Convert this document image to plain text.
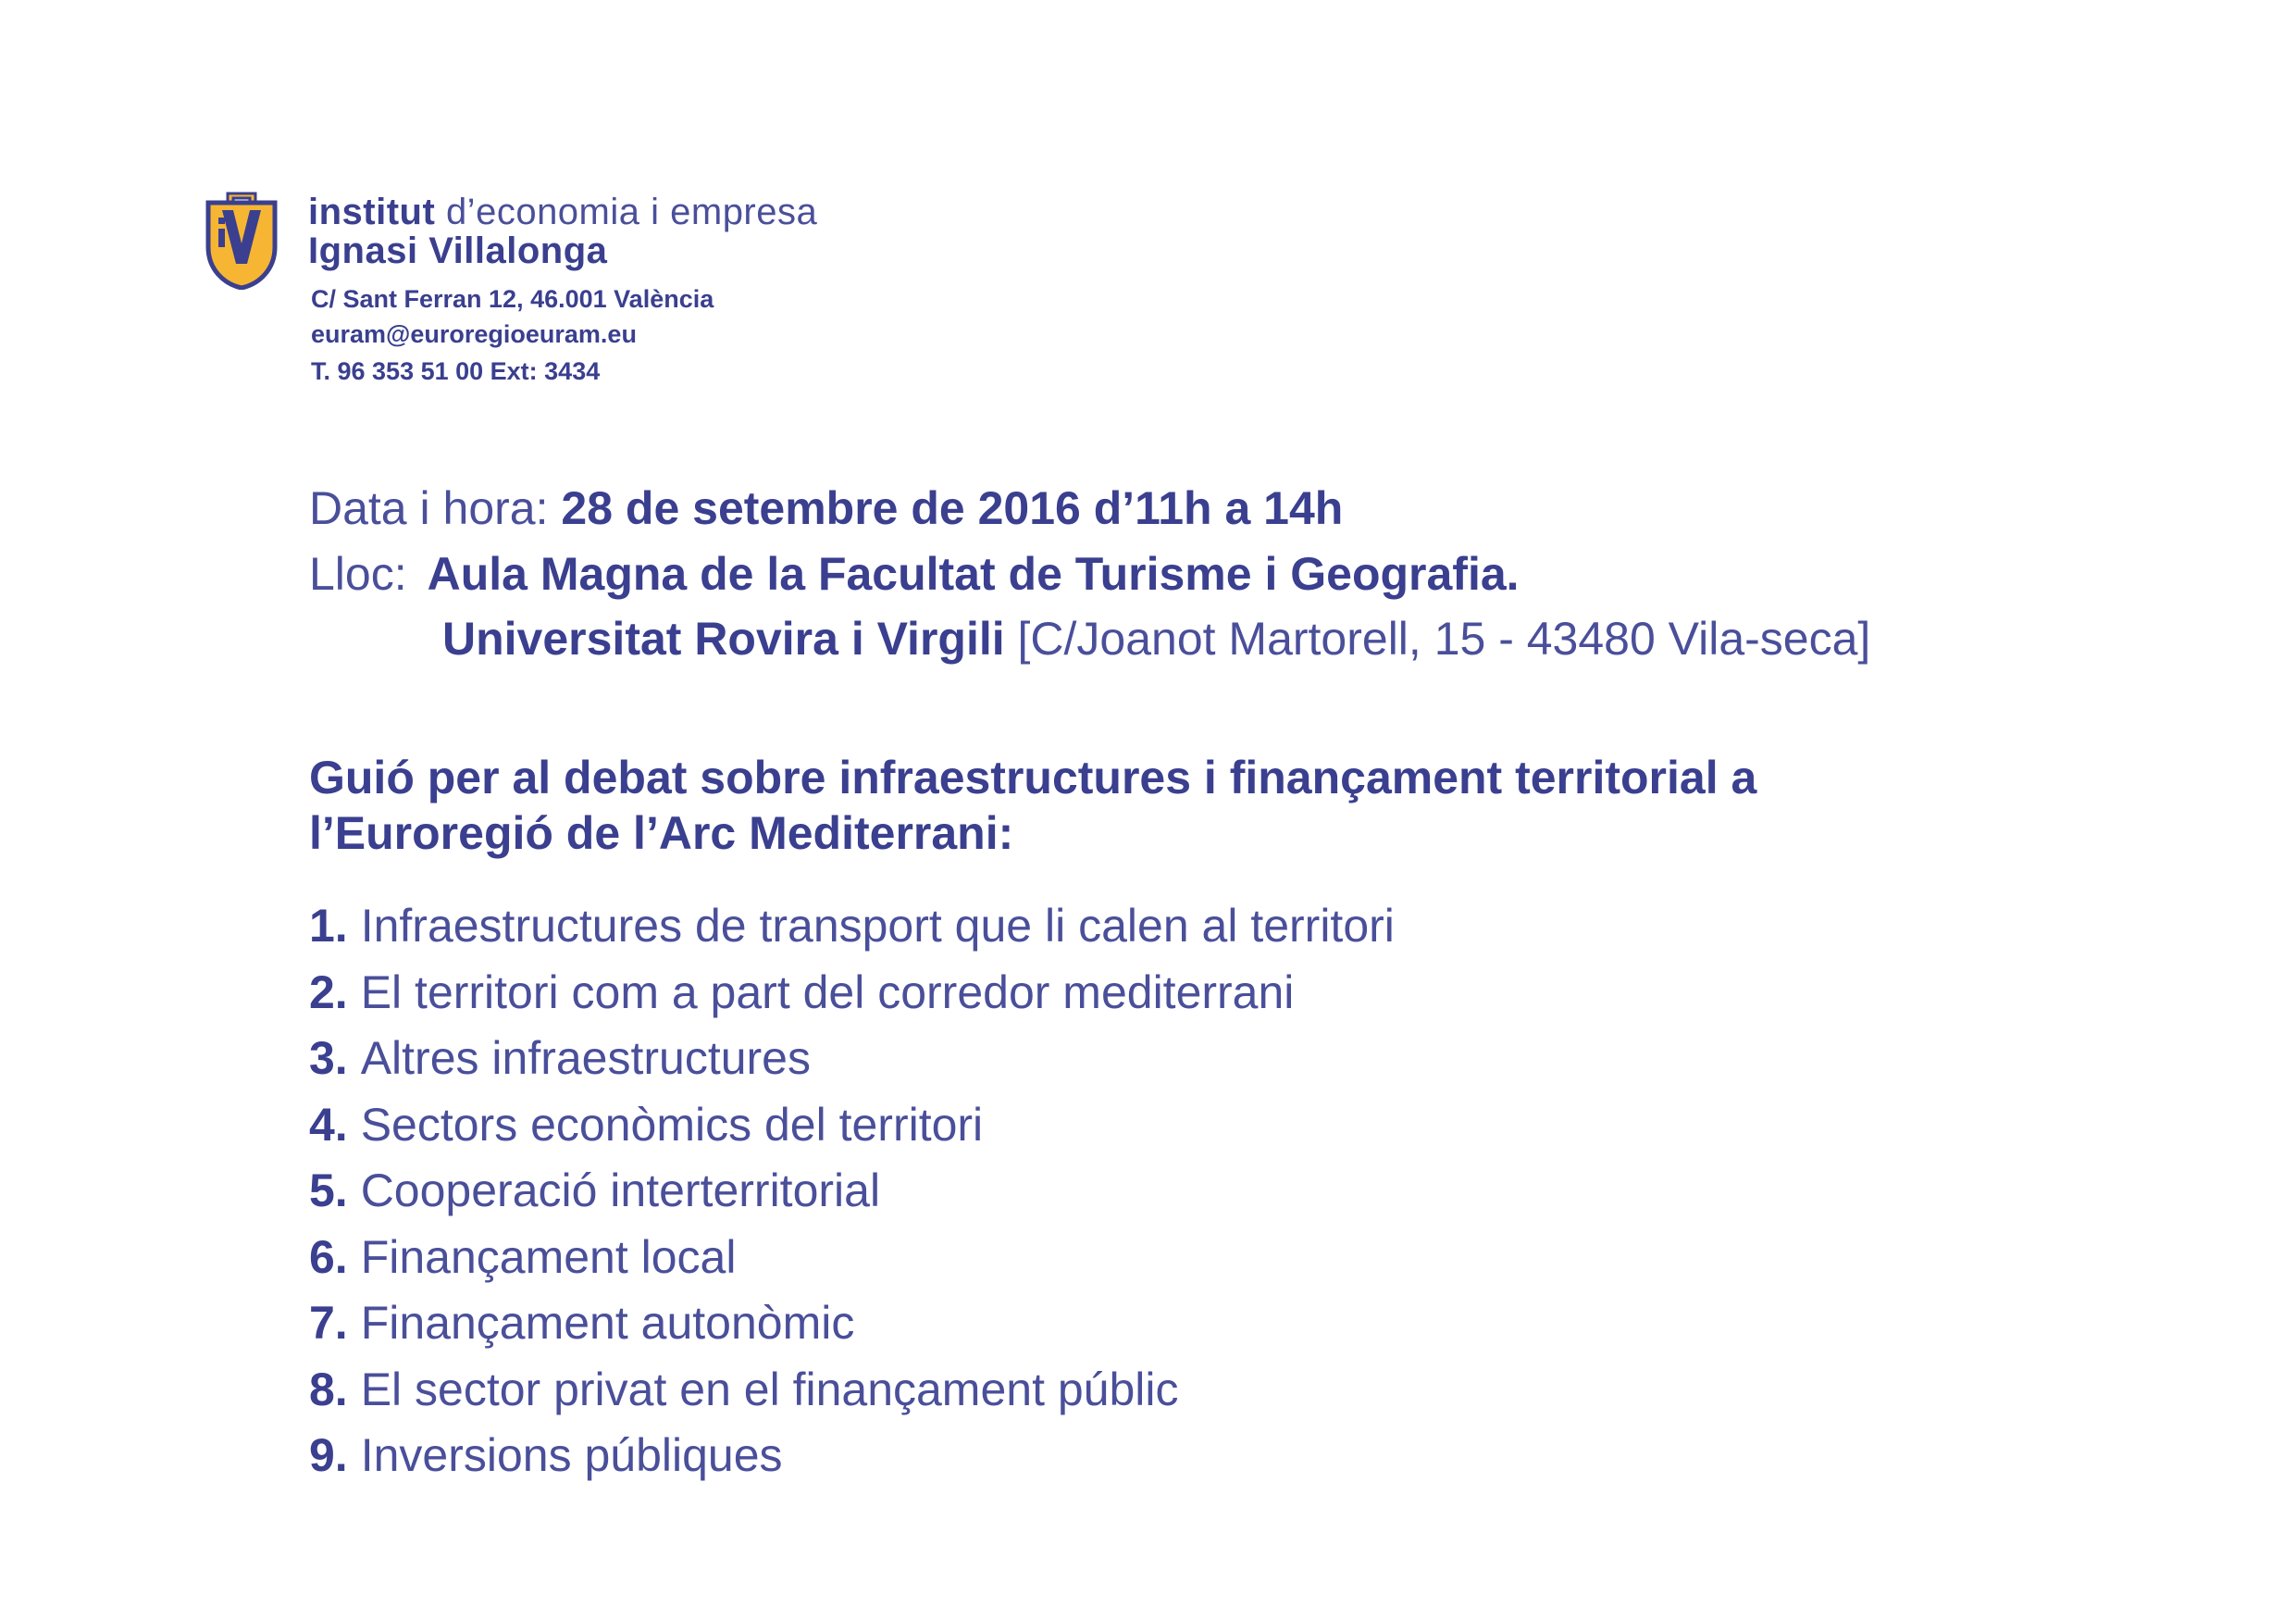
institut d’economia i empresa
Ignasi Villalonga
C/ Sant Ferran 12, 46.001 València
euram@euroregioeuram.eu
T. 96 353 51 00 Ext: 3434
Data i hora: 28 de setembre de 2016 d’11h a 14h
Lloc: Aula Magna de la Facultat de Turisme i Geografia.
Universitat Rovira i Virgili [C/Joanot Martorell, 15 - 43480 Vila-seca]
Guió per al debat sobre infraestructures i finançament territorial a
l’Euroregió de l’Arc Mediterrani:
1. Infraestructures de transport que li calen al territori
2. El territori com a part del corredor mediterrani
3. Altres infraestructures
4. Sectors econòmics del territori
5. Cooperació interterritorial
6. Finançament local
7. Finançament autonòmic
8. El sector privat en el finançament públic
9. Inversions públiques
